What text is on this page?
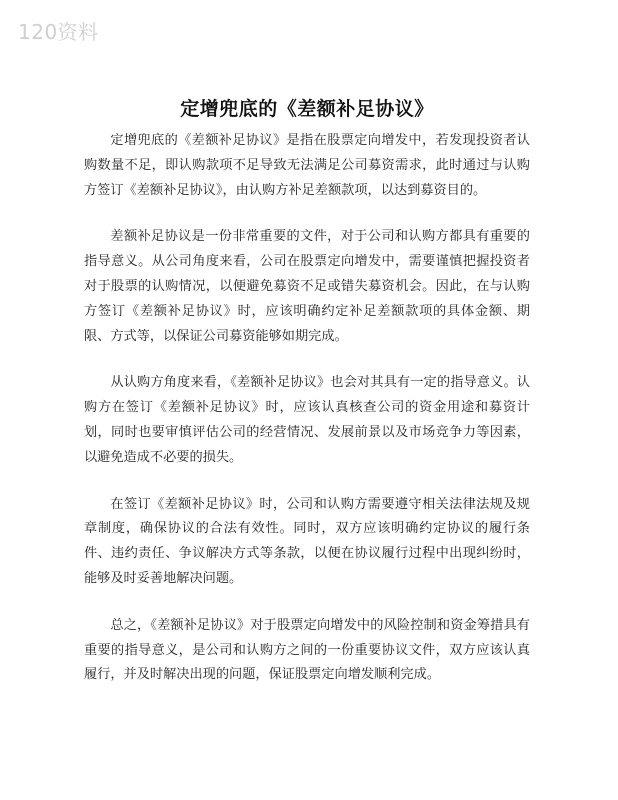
120资料
定增兜底的《差额补足协议》

定增兜底的《差额补足协议》是指在股票定向增发中，若发现投资者认购数量不足，即认购款项不足导致无法满足公司募资需求，此时通过与认购方签订《差额补足协议》，由认购方补足差额款项，以达到募资目的。

差额补足协议是一份非常重要的文件，对于公司和认购方都具有重要的指导意义。从公司角度来看，公司在股票定向增发中，需要谨慎把握投资者对于股票的认购情况，以便避免募资不足或错失募资机会。因此，在与认购方签订《差额补足协议》时，应该明确约定补足差额款项的具体金额、期限、方式等，以保证公司募资能够如期完成。

从认购方角度来看，《差额补足协议》也会对其具有一定的指导意义。认购方在签订《差额补足协议》时，应该认真核查公司的资金用途和募资计划，同时也要审慎评估公司的经营情况、发展前景以及市场竞争力等因素，以避免造成不必要的损失。

在签订《差额补足协议》时，公司和认购方需要遵守相关法律法规及规章制度，确保协议的合法有效性。同时，双方应该明确约定协议的履行条件、违约责任、争议解决方式等条款，以便在协议履行过程中出现纠纷时，能够及时妥善地解决问题。

总之，《差额补足协议》对于股票定向增发中的风险控制和资金筹措具有重要的指导意义，是公司和认购方之间的一份重要协议文件，双方应该认真履行，并及时解决出现的问题，保证股票定向增发顺利完成。
